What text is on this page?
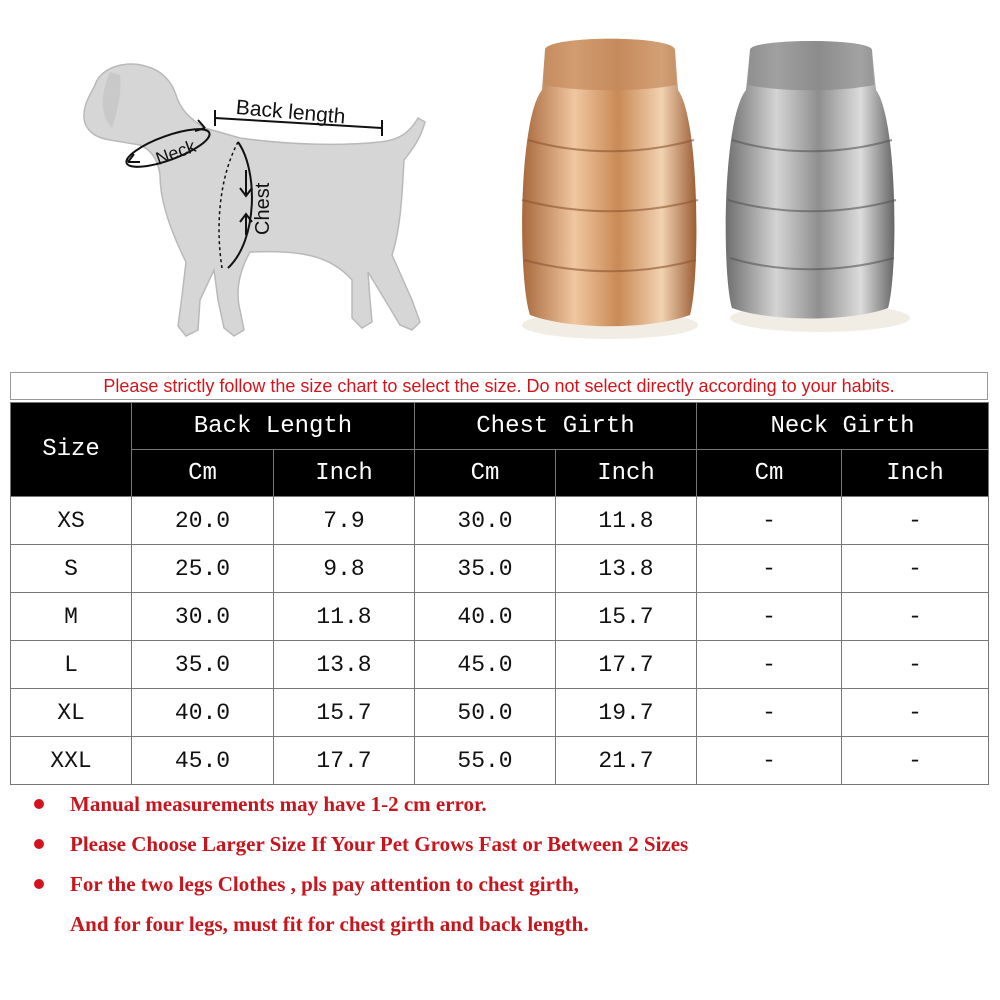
Back length
Neck
Chest
Please strictly follow the size chart to select the size. Do not select directly according to your habits.
Size	Back Length		Chest Girth		Neck Girth	
	Cm	Inch	Cm	Inch	Cm	Inch
XS	20.0	7.9	30.0	11.8	-	-
S	25.0	9.8	35.0	13.8	-	-
M	30.0	11.8	40.0	15.7	-	-
L	35.0	13.8	45.0	17.7	-	-
XL	40.0	15.7	50.0	19.7	-	-
XXL	45.0	17.7	55.0	21.7	-	-
Manual measurements may have 1-2 cm error.
Please Choose Larger Size If Your Pet Grows Fast or Between 2 Sizes
For the two legs Clothes , pls pay attention to chest girth,
And for four legs, must fit for chest girth and back length.
